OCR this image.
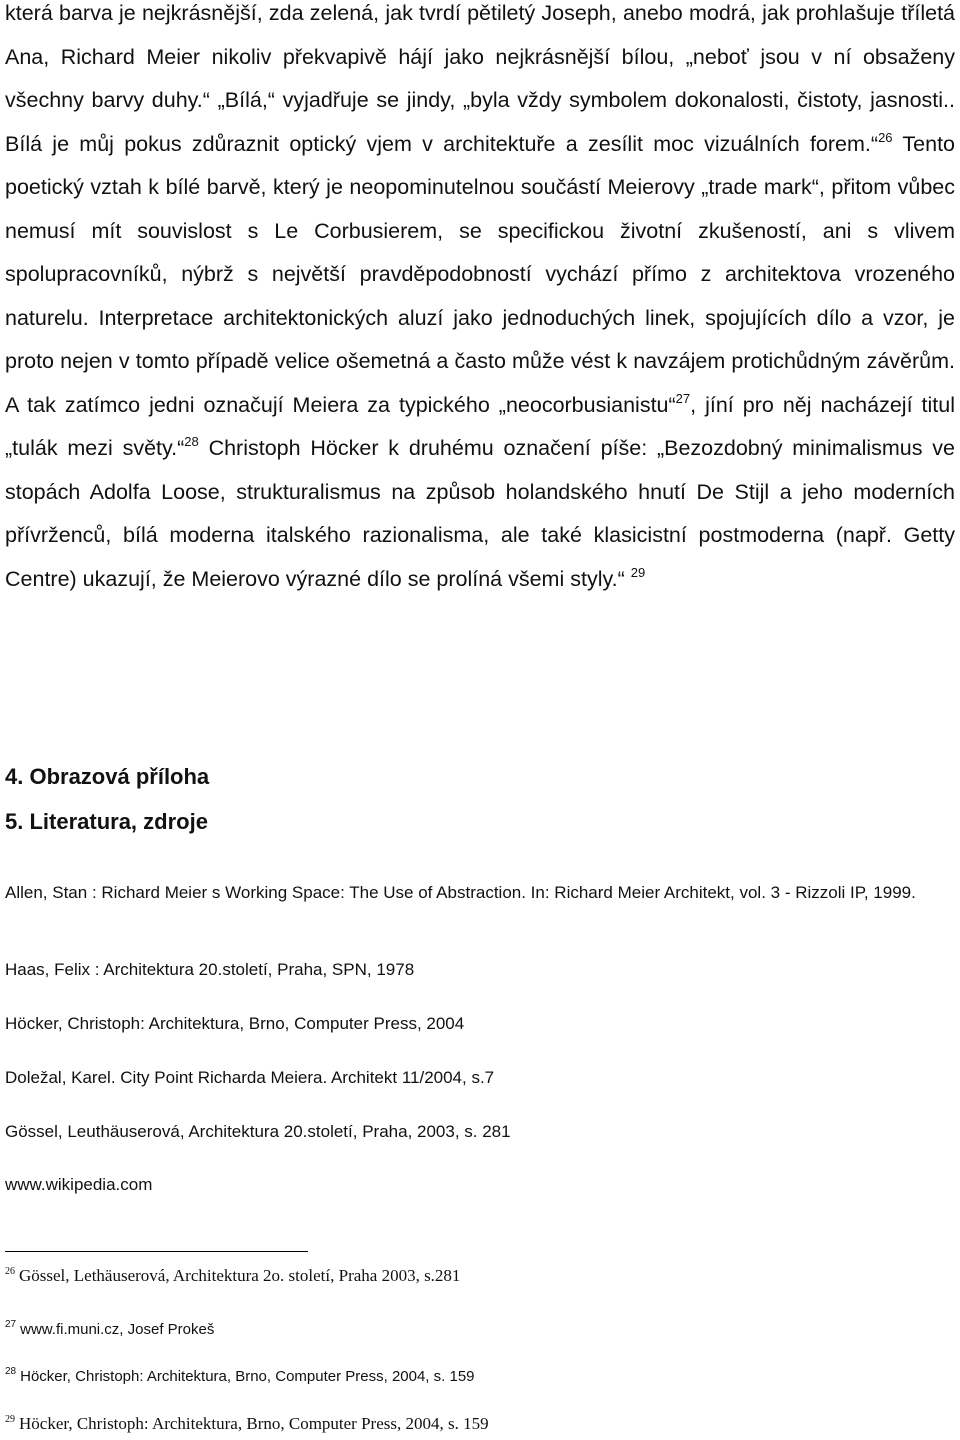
která barva je nejkrásnější, zda zelená, jak tvrdí pětiletý Joseph, anebo modrá, jak prohlašuje tříletá Ana, Richard Meier nikoliv překvapivě hájí jako nejkrásnější bílou, „neboť jsou v ní obsaženy všechny barvy duhy.“ „Bílá,“ vyjadřuje se jindy, „byla vždy symbolem dokonalosti, čistoty, jasnosti.. Bílá je můj pokus zdůraznit optický vjem v architektuře a zesílit moc vizuálních forem.“$^{26}$ Tento poetický vztah k bílé barvě, který je neopominutelnou součástí Meierovy „trade mark“, přitom vůbec nemusí mít souvislost s Le Corbusierem, se specifickou životní zkušeností, ani s vlivem spolupracovníků, nýbrž s největší pravděpodobností vychází přímo z architektova vrozeného naturelu. Interpretace architektonických aluzí jako jednoduchých linek, spojujících dílo a vzor, je proto nejen v tomto případě velice ošemetná a často může vést k navzájem protichůdným závěrům. A tak zatímco jedni označují Meiera za typického „neocorbusianistu“$^{27}$, jíní pro něj nacházejí titul „tulák mezi světy.“$^{28}$ Christoph Höcker k druhému označení píše: „Bezozdobný minimalismus ve stopách Adolfa Loose, strukturalismus na způsob holandského hnutí De Stijl a jeho moderních přívrženců, bílá moderna italského razionalisma, ale také klasicistní postmoderna (např. Getty Centre) ukazují, že Meierovo výrazné dílo se prolíná všemi styly.“ $^{29}$

4. Obrazová příloha
5. Literatura, zdroje

Allen, Stan : Richard Meier s Working Space: The Use of Abstraction. In: Richard Meier Architekt, vol. 3 - Rizzoli IP, 1999.

Haas, Felix : Architektura 20.století, Praha, SPN, 1978

Höcker, Christoph: Architektura, Brno, Computer Press, 2004

Doležal, Karel. City Point Richarda Meiera. Architekt 11/2004, s.7

Gössel, Leuthäuserová, Architektura 20.století, Praha, 2003, s. 281

www.wikipedia.com

$^{26}$ Gössel, Lethäuserová, Architektura 2o. století, Praha 2003, s.281

$^{27}$ www.fi.muni.cz, Josef Prokeš

$^{28}$ Höcker, Christoph: Architektura, Brno, Computer Press, 2004, s. 159

$^{29}$ Höcker, Christoph: Architektura, Brno, Computer Press, 2004, s. 159
